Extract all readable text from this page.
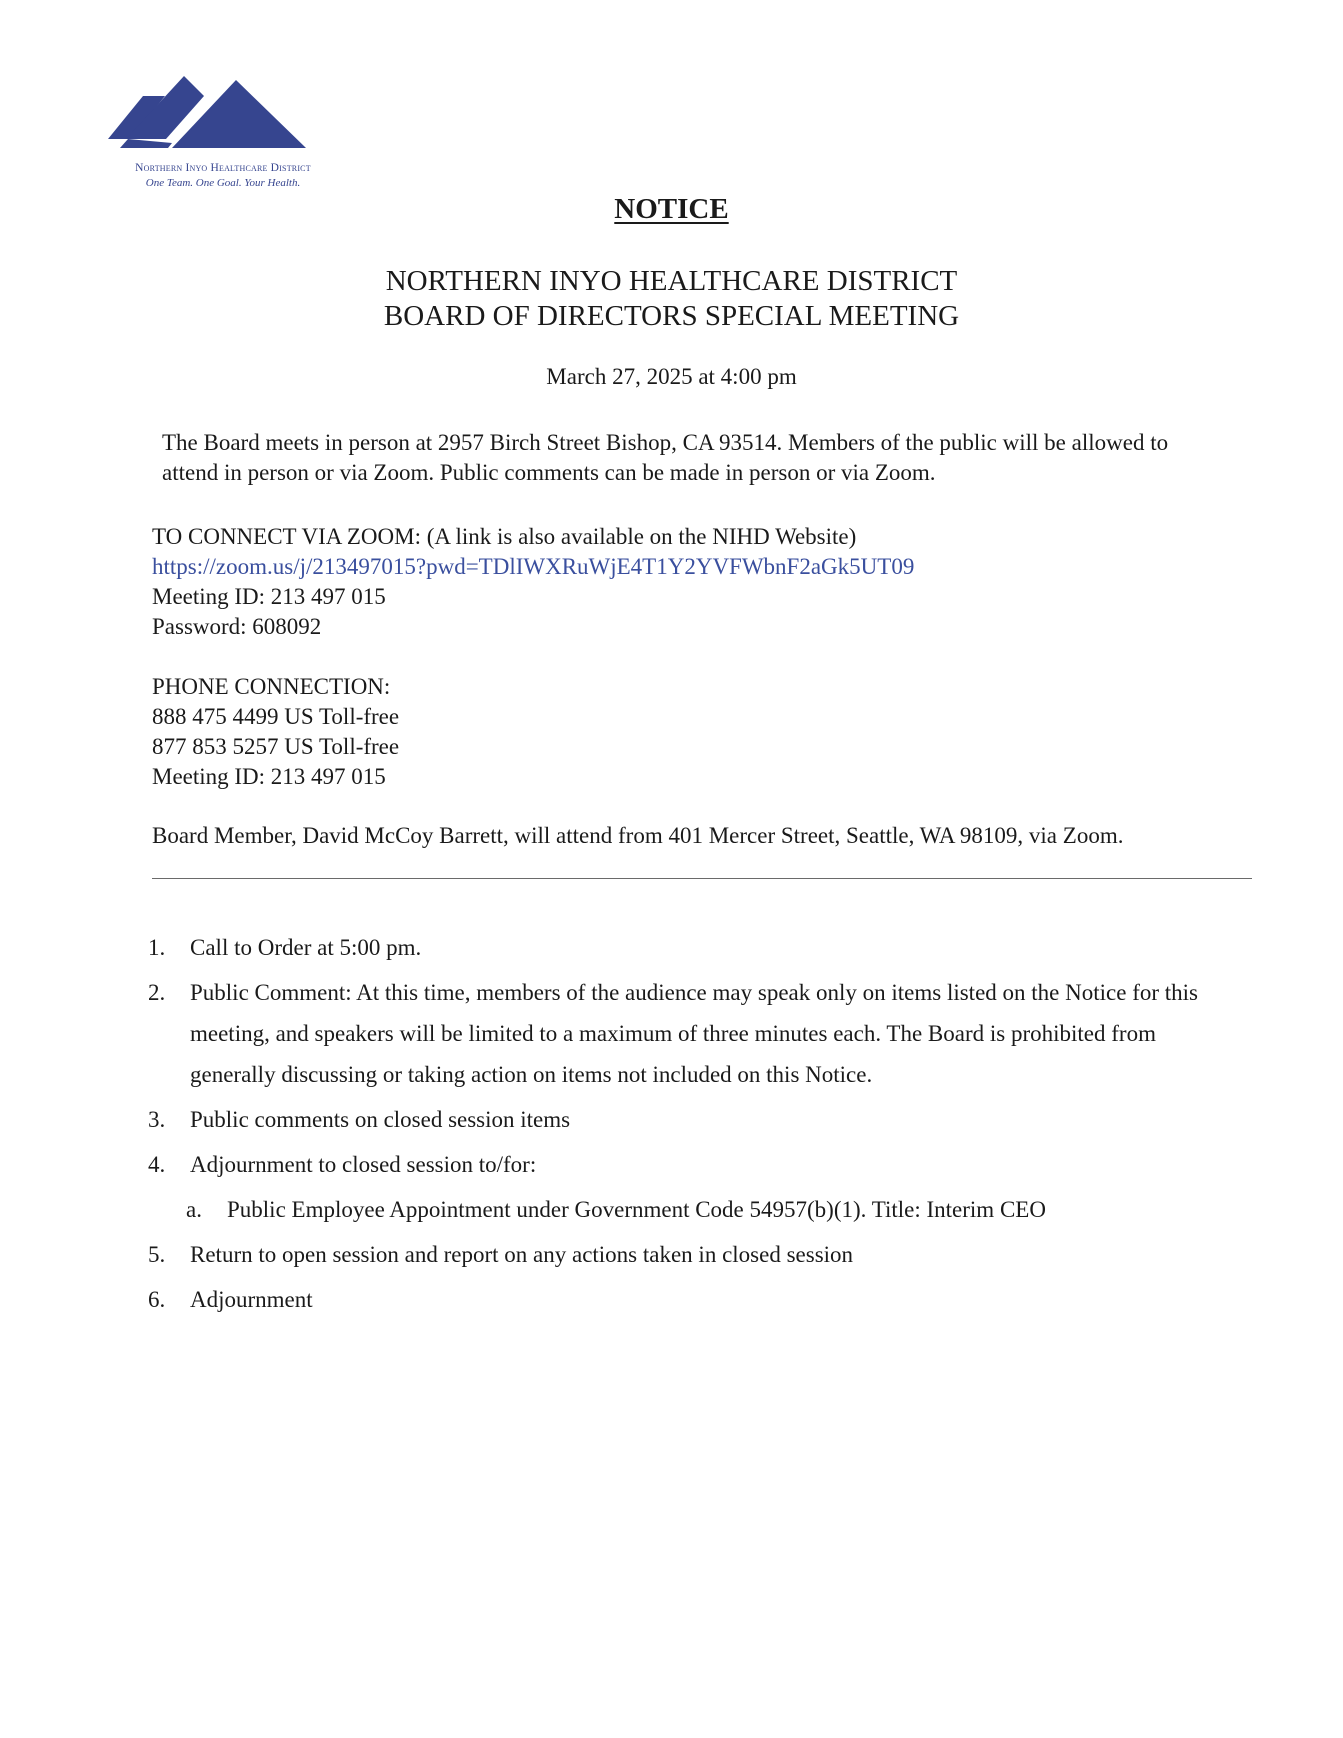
Northern Inyo Healthcare District
One Team. One Goal. Your Health.
NOTICE
NORTHERN INYO HEALTHCARE DISTRICT
BOARD OF DIRECTORS SPECIAL MEETING
March 27, 2025 at 4:00 pm
The Board meets in person at 2957 Birch Street Bishop, CA 93514. Members of the public will be allowed to attend in person or via Zoom. Public comments can be made in person or via Zoom.
TO CONNECT VIA ZOOM: (A link is also available on the NIHD Website)
https://zoom.us/j/213497015?pwd=TDlIWXRuWjE4T1Y2YVFWbnF2aGk5UT09
Meeting ID: 213 497 015
Password: 608092
PHONE CONNECTION:
888 475 4499 US Toll-free
877 853 5257 US Toll-free
Meeting ID: 213 497 015
Board Member, David McCoy Barrett, will attend from 401 Mercer Street, Seattle, WA 98109, via Zoom.
1. Call to Order at 5:00 pm.
2. Public Comment: At this time, members of the audience may speak only on items listed on the Notice for this meeting, and speakers will be limited to a maximum of three minutes each. The Board is prohibited from generally discussing or taking action on items not included on this Notice.
3. Public comments on closed session items
4. Adjournment to closed session to/for:
a. Public Employee Appointment under Government Code 54957(b)(1). Title: Interim CEO
5. Return to open session and report on any actions taken in closed session
6. Adjournment
